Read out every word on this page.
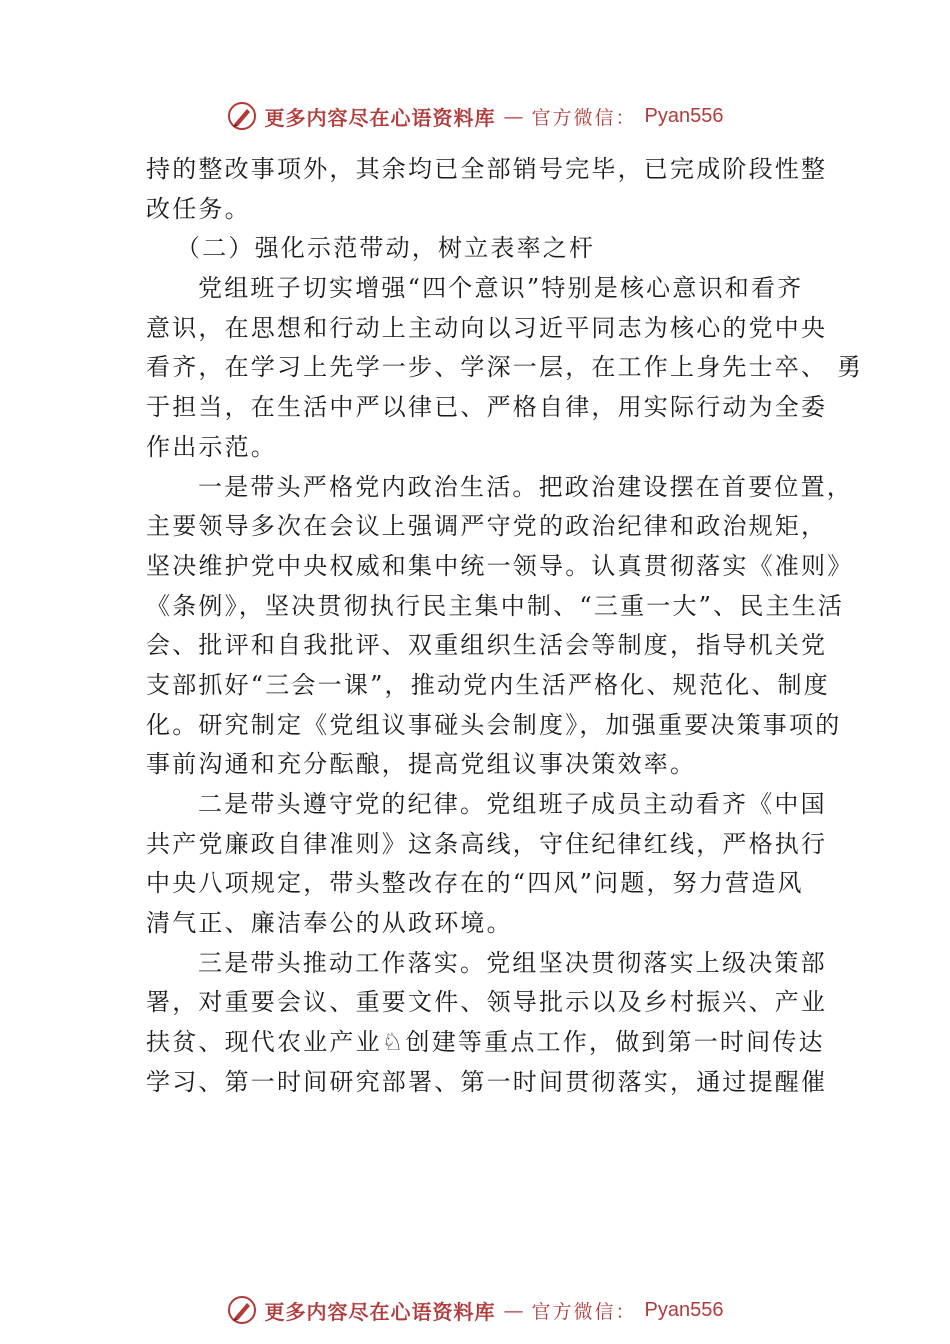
更多内容尽在心语资料库 — 官方微信： Pyan556
持的整改事项外，其余均已全部销号完毕，已完成阶段性整
改任务。
（二）强化示范带动，树立表率之杆
党组班子切实增强“四个意识”特别是核心意识和看齐
意识，在思想和行动上主动向以习近平同志为核心的党中央
看齐，在学习上先学一步、学深一层，在工作上身先士卒、 勇
于担当，在生活中严以律已、严格自律，用实际行动为全委
作出示范。
一是带头严格党内政治生活。把政治建设摆在首要位置，
主要领导多次在会议上强调严守党的政治纪律和政治规矩，
坚决维护党中央权威和集中统一领导。认真贯彻落实《准则》
《条例》，坚决贯彻执行民主集中制、“三重一大”、民主生活
会、批评和自我批评、双重组织生活会等制度，指导机关党
支部抓好“三会一课”，推动党内生活严格化、规范化、制度
化。研究制定《党组议事碰头会制度》，加强重要决策事项的
事前沟通和充分酝酿，提高党组议事决策效率。
二是带头遵守党的纪律。党组班子成员主动看齐《中国
共产党廉政自律准则》这条高线，守住纪律红线，严格执行
中央八项规定，带头整改存在的“四风”问题，努力营造风
清气正、廉洁奉公的从政环境。
三是带头推动工作落实。党组坚决贯彻落实上级决策部
署，对重要会议、重要文件、领导批示以及乡村振兴、产业
扶贫、现代农业产业♘创建等重点工作，做到第一时间传达
学习、第一时间研究部署、第一时间贯彻落实，通过提醒催
更多内容尽在心语资料库 — 官方微信： Pyan556
